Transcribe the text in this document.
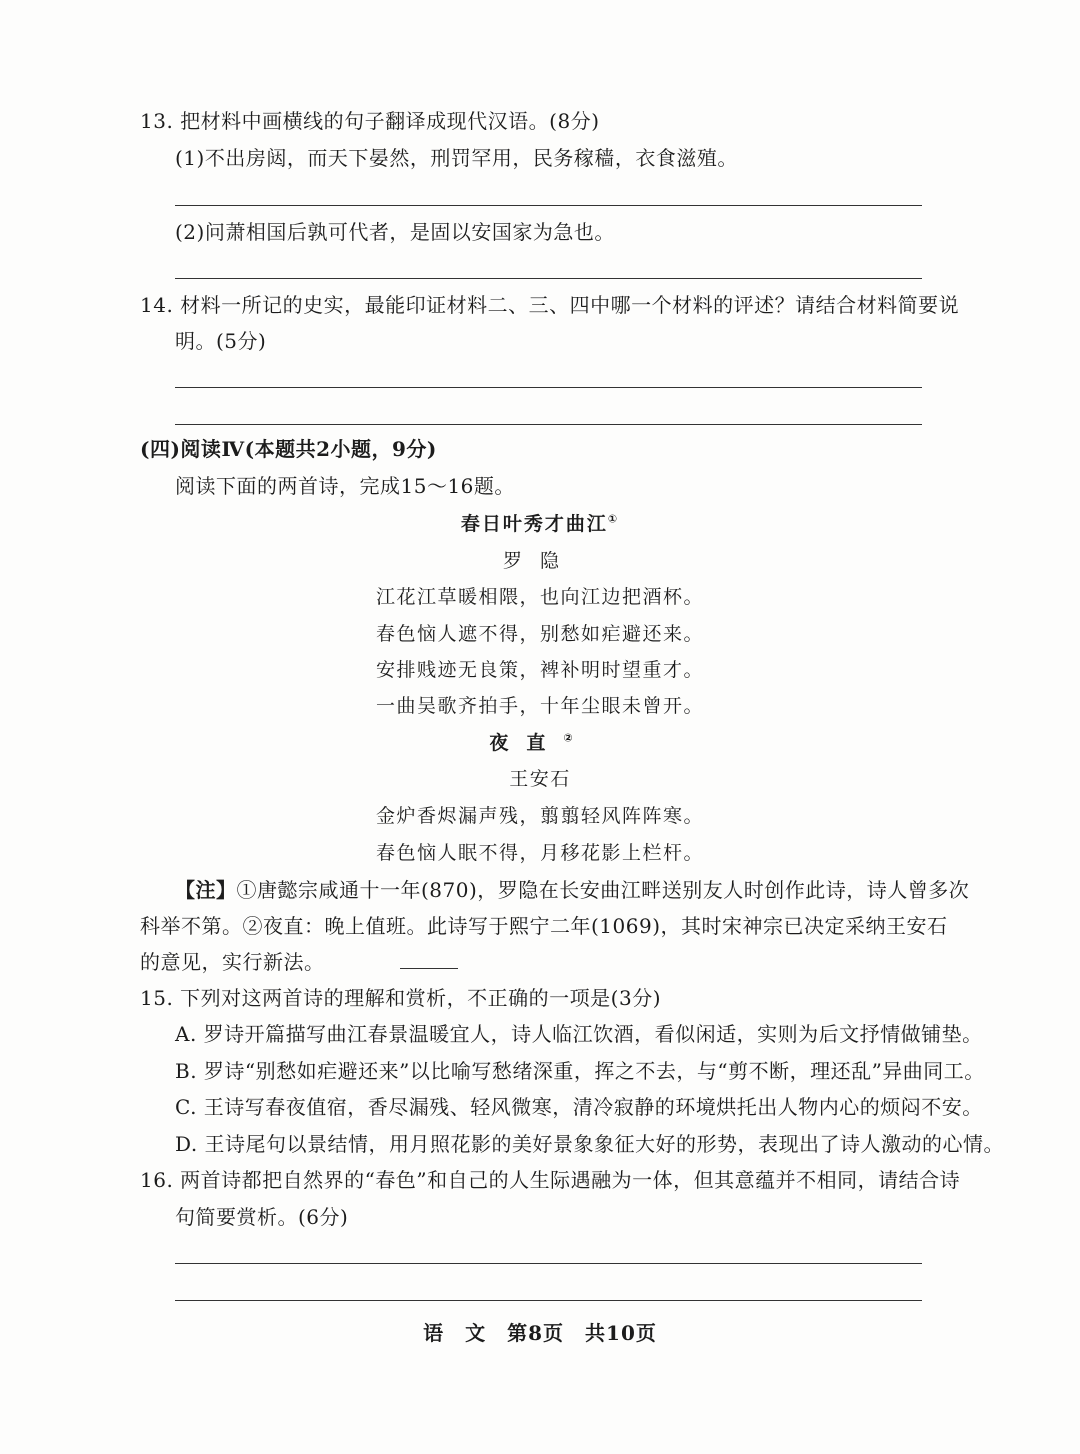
13. 把材料中画横线的句子翻译成现代汉语。(8分)
(1)不出房闼，而天下晏然，刑罚罕用，民务稼穑，衣食滋殖。
(2)问萧相国后孰可代者，是固以安国家为急也。
14. 材料一所记的史实，最能印证材料二、三、四中哪一个材料的评述？请结合材料简要说
明。(5分)
(四)阅读Ⅳ(本题共2小题，9分)
阅读下面的两首诗，完成15～16题。
春日叶秀才曲江①
罗隐
江花江草暖相隈，也向江边把酒杯。
春色恼人遮不得，别愁如疟避还来。
安排贱迹无良策，裨补明时望重才。
一曲吴歌齐拍手，十年尘眼未曾开。
夜直②
王安石
金炉香烬漏声残，翦翦轻风阵阵寒。
春色恼人眠不得，月移花影上栏杆。
【注】①唐懿宗咸通十一年(870)，罗隐在长安曲江畔送别友人时创作此诗，诗人曾多次
科举不第。②夜直：晚上值班。此诗写于熙宁二年(1069)，其时宋神宗已决定采纳王安石
的意见，实行新法。
15. 下列对这两首诗的理解和赏析，不正确的一项是(3分)
A. 罗诗开篇描写曲江春景温暖宜人，诗人临江饮酒，看似闲适，实则为后文抒情做铺垫。
B. 罗诗“别愁如疟避还来”以比喻写愁绪深重，挥之不去，与“剪不断，理还乱”异曲同工。
C. 王诗写春夜值宿，香尽漏残、轻风微寒，清冷寂静的环境烘托出人物内心的烦闷不安。
D. 王诗尾句以景结情，用月照花影的美好景象象征大好的形势，表现出了诗人激动的心情。
16. 两首诗都把自然界的“春色”和自己的人生际遇融为一体，但其意蕴并不相同，请结合诗
句简要赏析。(6分)
语　文　第8页　共10页
